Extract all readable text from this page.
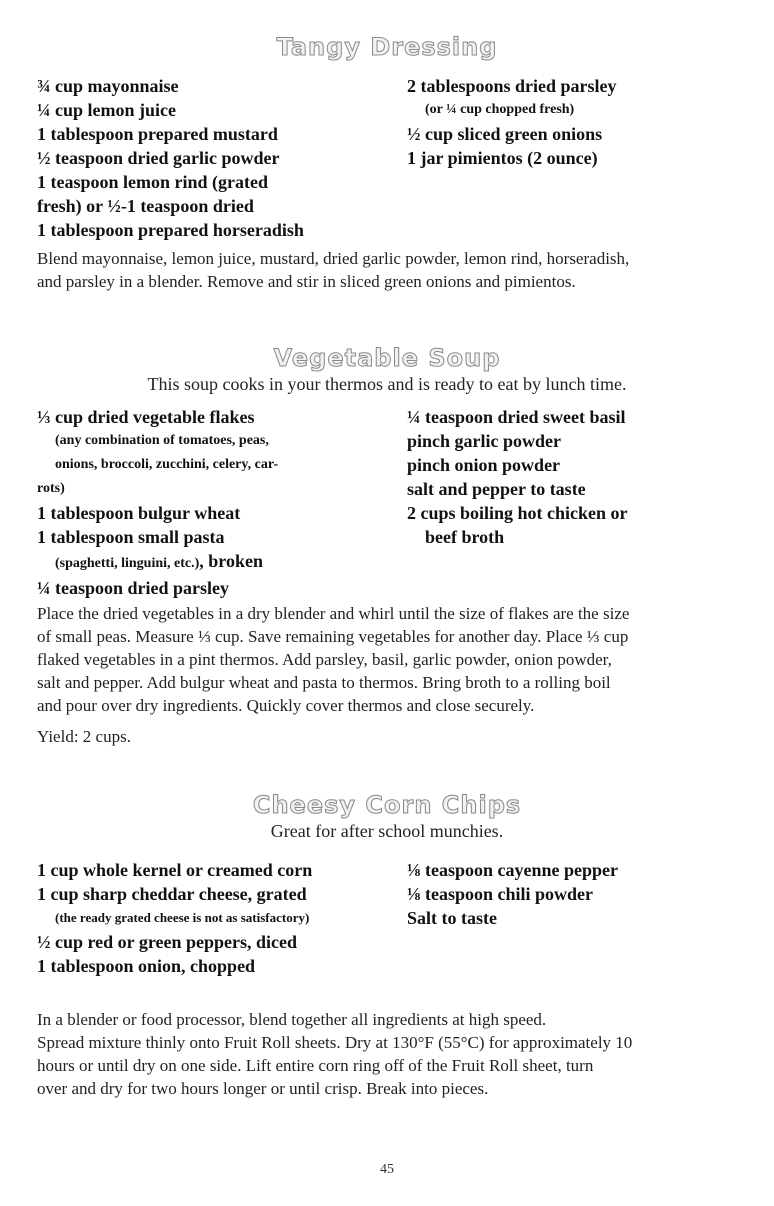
Tangy Dressing
¾ cup mayonnaise
¼ cup lemon juice
1 tablespoon prepared mustard
½ teaspoon dried garlic powder
1 teaspoon lemon rind (grated
fresh) or ½-1 teaspoon dried
1 tablespoon prepared horseradish
2 tablespoons dried parsley
(or ¼ cup chopped fresh)
½ cup sliced green onions
1 jar pimientos (2 ounce)

Blend mayonnaise, lemon juice, mustard, dried garlic powder, lemon rind, horseradish,
and parsley in a blender. Remove and stir in sliced green onions and pimientos.

Vegetable Soup
This soup cooks in your thermos and is ready to eat by lunch time.
⅓ cup dried vegetable flakes
(any combination of tomatoes, peas,
onions, broccoli, zucchini, celery, car-
rots)
1 tablespoon bulgur wheat
1 tablespoon small pasta
(spaghetti, linguini, etc.), broken
¼ teaspoon dried parsley
¼ teaspoon dried sweet basil
pinch garlic powder
pinch onion powder
salt and pepper to taste
2 cups boiling hot chicken or
beef broth

Place the dried vegetables in a dry blender and whirl until the size of flakes are the size
of small peas. Measure ⅓ cup. Save remaining vegetables for another day. Place ⅓ cup
flaked vegetables in a pint thermos. Add parsley, basil, garlic powder, onion powder,
salt and pepper. Add bulgur wheat and pasta to thermos. Bring broth to a rolling boil
and pour over dry ingredients. Quickly cover thermos and close securely.

Yield: 2 cups.

Cheesy Corn Chips
Great for after school munchies.
1 cup whole kernel or creamed corn
1 cup sharp cheddar cheese, grated
(the ready grated cheese is not as satisfactory)
½ cup red or green peppers, diced
1 tablespoon onion, chopped
⅛ teaspoon cayenne pepper
⅛ teaspoon chili powder
Salt to taste

In a blender or food processor, blend together all ingredients at high speed.
Spread mixture thinly onto Fruit Roll sheets. Dry at 130°F (55°C) for approximately 10
hours or until dry on one side. Lift entire corn ring off of the Fruit Roll sheet, turn
over and dry for two hours longer or until crisp. Break into pieces.

45
